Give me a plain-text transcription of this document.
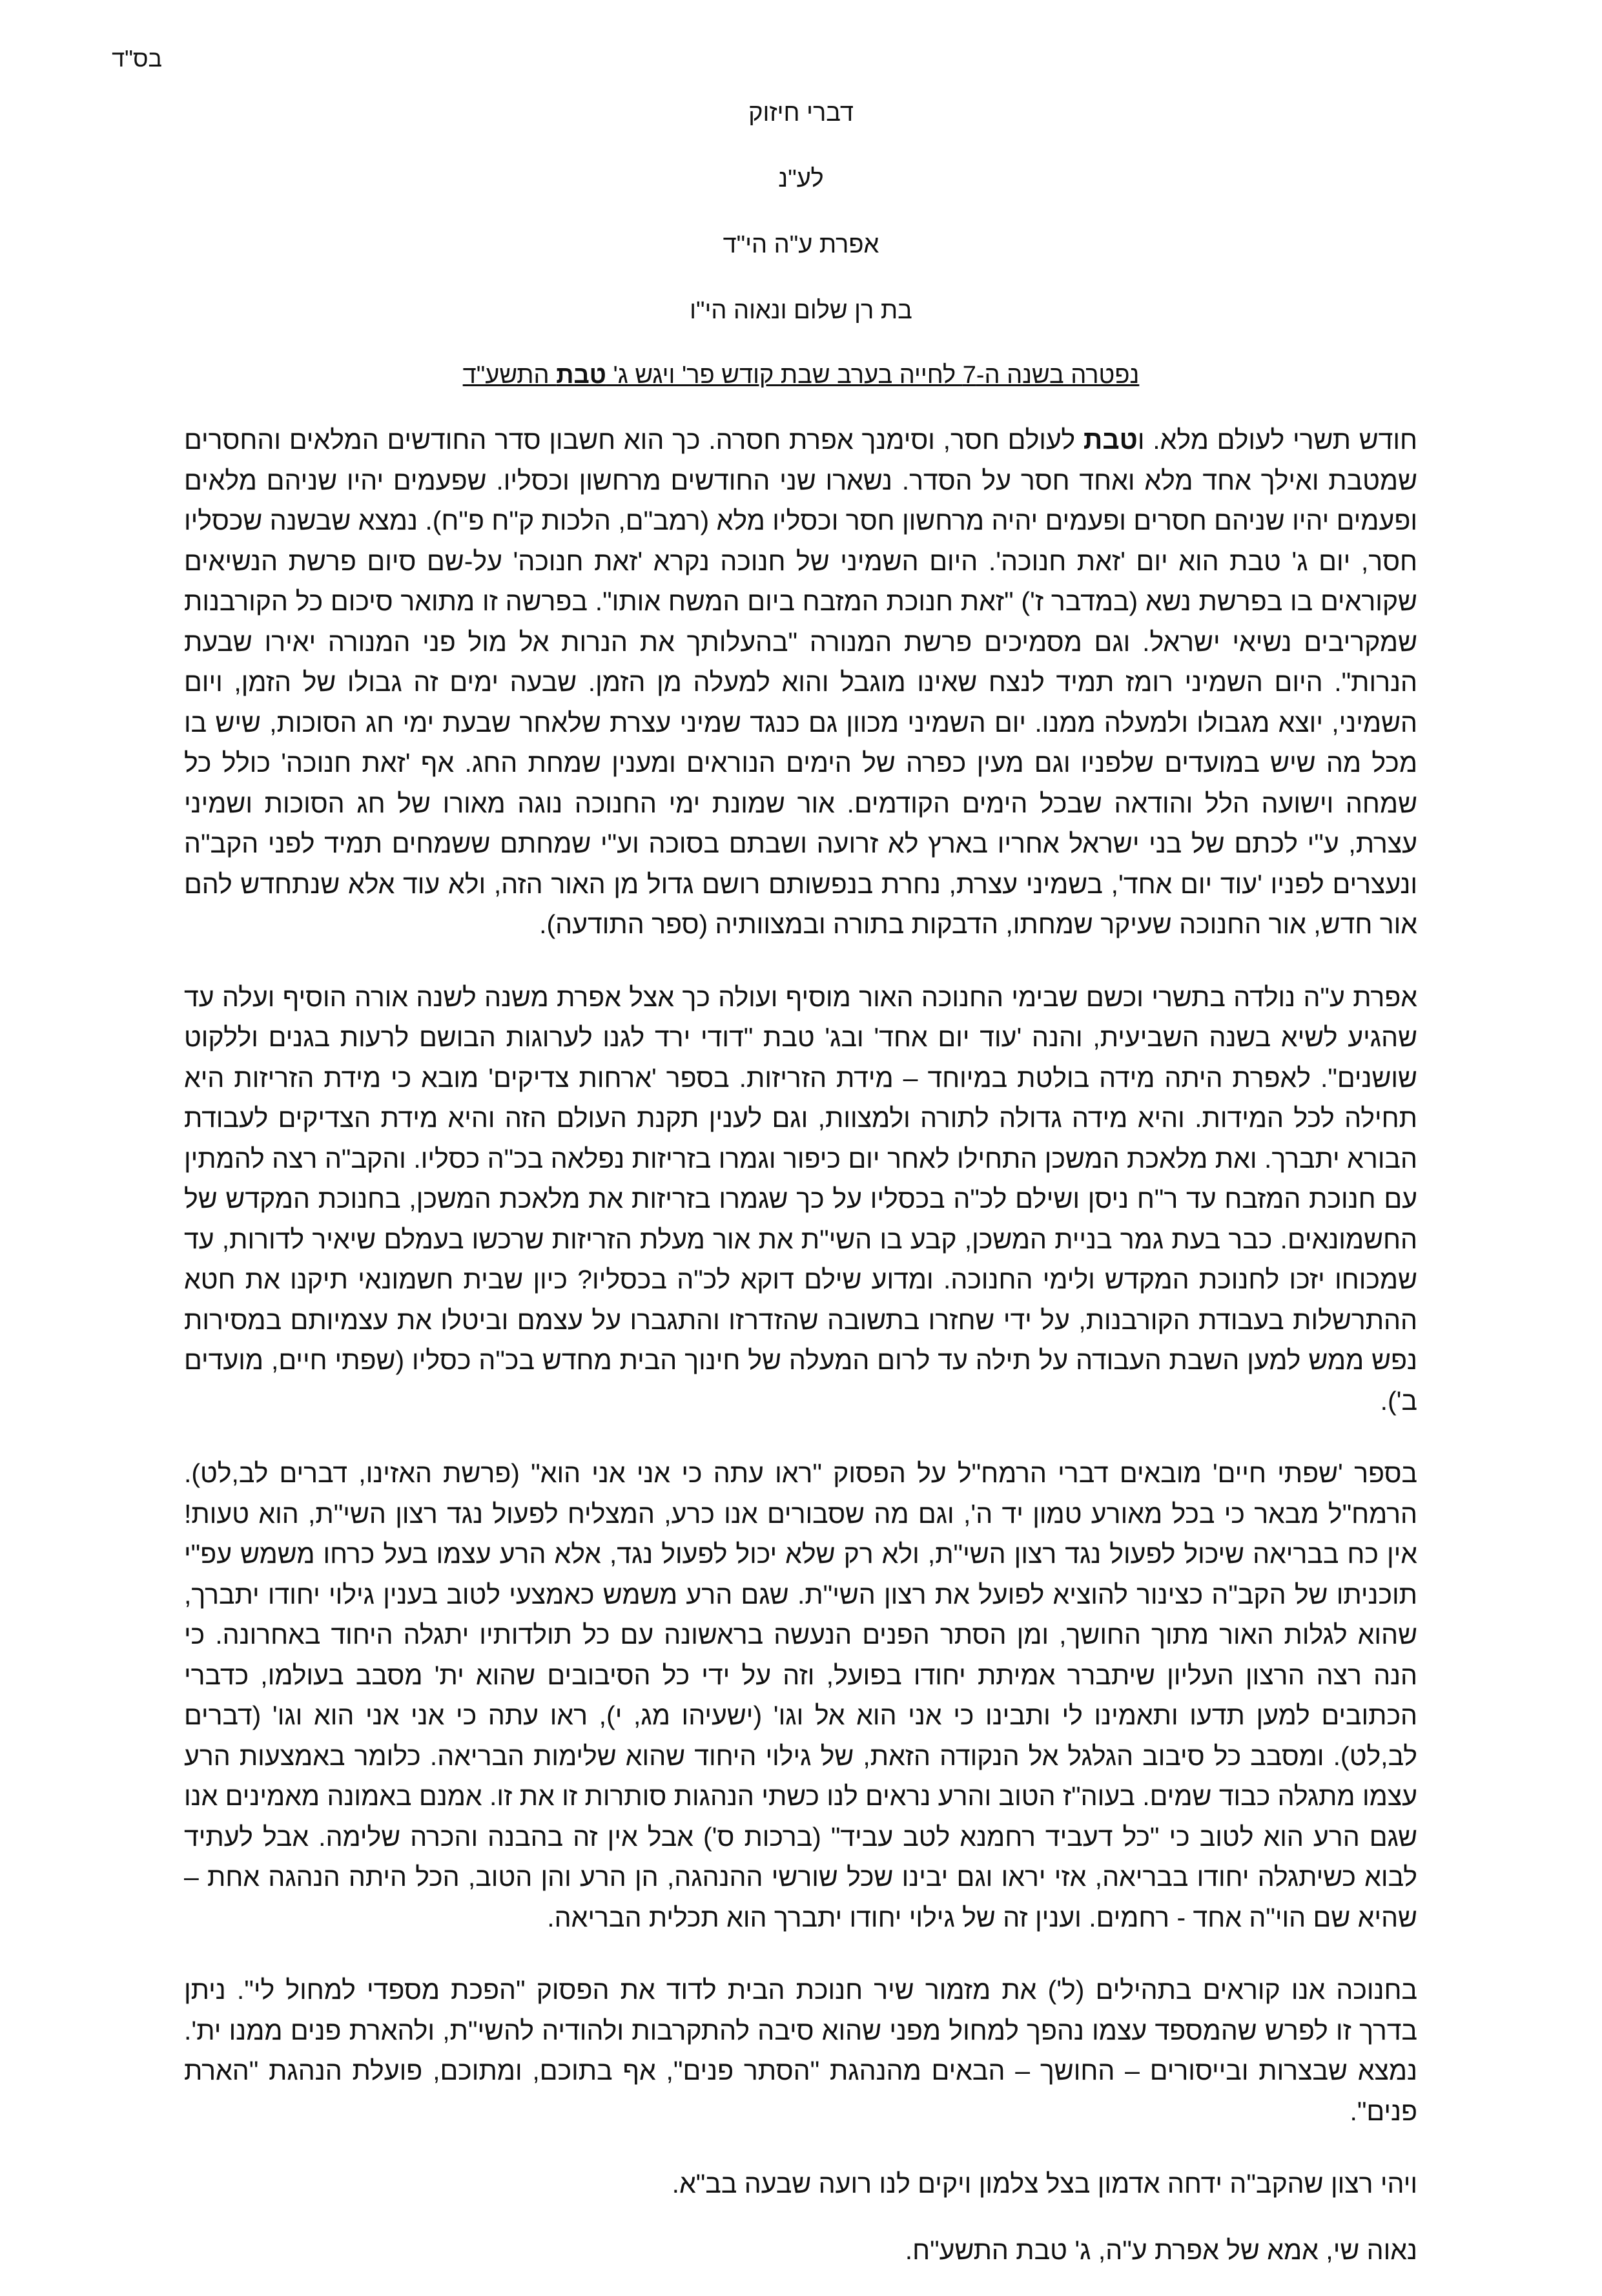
בס"ד
דברי חיזוק
לע"נ
אפרת ע"ה הי"ד
בת רן שלום ונאוה הי"ו
נפטרה בשנה ה-7 לחייה בערב שבת קודש פר' ויגש ג' טבת התשע"ד

חודש תשרי לעולם מלא. וטבת לעולם חסר, וסימנך אפרת חסרה. כך הוא חשבון סדר החודשים המלאים והחסרים שמטבת ואילך אחד מלא ואחד חסר על הסדר. נשארו שני החודשים מרחשון וכסליו. שפעמים יהיו שניהם מלאים ופעמים יהיו שניהם חסרים ופעמים יהיה מרחשון חסר וכסליו מלא (רמב"ם, הלכות ק"ח פ"ח). נמצא שבשנה שכסליו חסר, יום ג' טבת הוא יום 'זאת חנוכה'. היום השמיני של חנוכה נקרא 'זאת חנוכה' על-שם סיום פרשת הנשיאים שקוראים בו בפרשת נשא (במדבר ז') "זאת חנוכת המזבח ביום המשח אותו". בפרשה זו מתואר סיכום כל הקורבנות שמקריבים נשיאי ישראל. וגם מסמיכים פרשת המנורה "בהעלותך את הנרות אל מול פני המנורה יאירו שבעת הנרות". היום השמיני רומז תמיד לנצח שאינו מוגבל והוא למעלה מן הזמן. שבעה ימים זה גבולו של הזמן, ויום השמיני, יוצא מגבולו ולמעלה ממנו. יום השמיני מכוון גם כנגד שמיני עצרת שלאחר שבעת ימי חג הסוכות, שיש בו מכל מה שיש במועדים שלפניו וגם מעין כפרה של הימים הנוראים ומענין שמחת החג. אף 'זאת חנוכה' כולל כל שמחה וישועה הלל והודאה שבכל הימים הקודמים. אור שמונת ימי החנוכה נוגה מאורו של חג הסוכות ושמיני עצרת, ע"י לכתם של בני ישראל אחריו בארץ לא זרועה ושבתם בסוכה וע"י שמחתם ששמחים תמיד לפני הקב"ה ונעצרים לפניו 'עוד יום אחד', בשמיני עצרת, נחרת בנפשותם רושם גדול מן האור הזה, ולא עוד אלא שנתחדש להם אור חדש, אור החנוכה שעיקר שמחתו, הדבקות בתורה ובמצוותיה (ספר התודעה).

אפרת ע"ה נולדה בתשרי וכשם שבימי החנוכה האור מוסיף ועולה כך אצל אפרת משנה לשנה אורה הוסיף ועלה עד שהגיע לשיא בשנה השביעית, והנה 'עוד יום אחד' ובג' טבת "דודי ירד לגנו לערוגות הבושם לרעות בגנים וללקוט שושנים". לאפרת היתה מידה בולטת במיוחד – מידת הזריזות. בספר 'ארחות צדיקים' מובא כי מידת הזריזות היא תחילה לכל המידות. והיא מידה גדולה לתורה ולמצוות, וגם לענין תקנת העולם הזה והיא מידת הצדיקים לעבודת הבורא יתברך. ואת מלאכת המשכן התחילו לאחר יום כיפור וגמרו בזריזות נפלאה בכ"ה כסליו. והקב"ה רצה להמתין עם חנוכת המזבח עד ר"ח ניסן ושילם לכ"ה בכסליו על כך שגמרו בזריזות את מלאכת המשכן, בחנוכת המקדש של החשמונאים. כבר בעת גמר בניית המשכן, קבע בו השי"ת את אור מעלת הזריזות שרכשו בעמלם שיאיר לדורות, עד שמכוחו יזכו לחנוכת המקדש ולימי החנוכה. ומדוע שילם דוקא לכ"ה בכסליו? כיון שבית חשמונאי תיקנו את חטא ההתרשלות בעבודת הקורבנות, על ידי שחזרו בתשובה שהזדרזו והתגברו על עצמם וביטלו את עצמיותם במסירות נפש ממש למען השבת העבודה על תילה עד לרום המעלה של חינוך הבית מחדש בכ"ה כסליו (שפתי חיים, מועדים ב').

בספר 'שפתי חיים' מובאים דברי הרמח"ל על הפסוק "ראו עתה כי אני אני הוא" (פרשת האזינו, דברים לב,לט). הרמח"ל מבאר כי בכל מאורע טמון יד ה', וגם מה שסבורים אנו כרע, המצליח לפעול נגד רצון השי"ת, הוא טעות! אין כח בבריאה שיכול לפעול נגד רצון השי"ת, ולא רק שלא יכול לפעול נגד, אלא הרע עצמו בעל כרחו משמש עפ"י תוכניתו של הקב"ה כצינור להוציא לפועל את רצון השי"ת. שגם הרע משמש כאמצעי לטוב בענין גילוי יחודו יתברך, שהוא לגלות האור מתוך החושך, ומן הסתר הפנים הנעשה בראשונה עם כל תולדותיו יתגלה היחוד באחרונה. כי הנה רצה הרצון העליון שיתברר אמיתת יחודו בפועל, וזה על ידי כל הסיבובים שהוא ית' מסבב בעולמו, כדברי הכתובים למען תדעו ותאמינו לי ותבינו כי אני הוא אל וגו' (ישעיהו מג, י), ראו עתה כי אני אני הוא וגו' (דברים לב,לט). ומסבב כל סיבוב הגלגל אל הנקודה הזאת, של גילוי היחוד שהוא שלימות הבריאה. כלומר באמצעות הרע עצמו מתגלה כבוד שמים. בעוה"ז הטוב והרע נראים לנו כשתי הנהגות סותרות זו את זו. אמנם באמונה מאמינים אנו שגם הרע הוא לטוב כי "כל דעביד רחמנא לטב עביד" (ברכות ס') אבל אין זה בהבנה והכרה שלימה. אבל לעתיד לבוא כשיתגלה יחודו בבריאה, אזי יראו וגם יבינו שכל שורשי ההנהגה, הן הרע והן הטוב, הכל היתה הנהגה אחת – שהיא שם הוי"ה אחד - רחמים. וענין זה של גילוי יחודו יתברך הוא תכלית הבריאה.

בחנוכה אנו קוראים בתהילים (ל') את מזמור שיר חנוכת הבית לדוד את הפסוק "הפכת מספדי למחול לי". ניתן בדרך זו לפרש שהמספד עצמו נהפך למחול מפני שהוא סיבה להתקרבות ולהודיה להשי"ת, ולהארת פנים ממנו ית'. נמצא שבצרות ובייסורים – החושך – הבאים מהנהגת "הסתר פנים", אף בתוכם, ומתוכם, פועלת הנהגת "הארת פנים".

ויהי רצון שהקב"ה ידחה אדמון בצל צלמון ויקים לנו רועה שבעה בב"א.

נאוה שי, אמא של אפרת ע"ה, ג' טבת התשע"ח.
